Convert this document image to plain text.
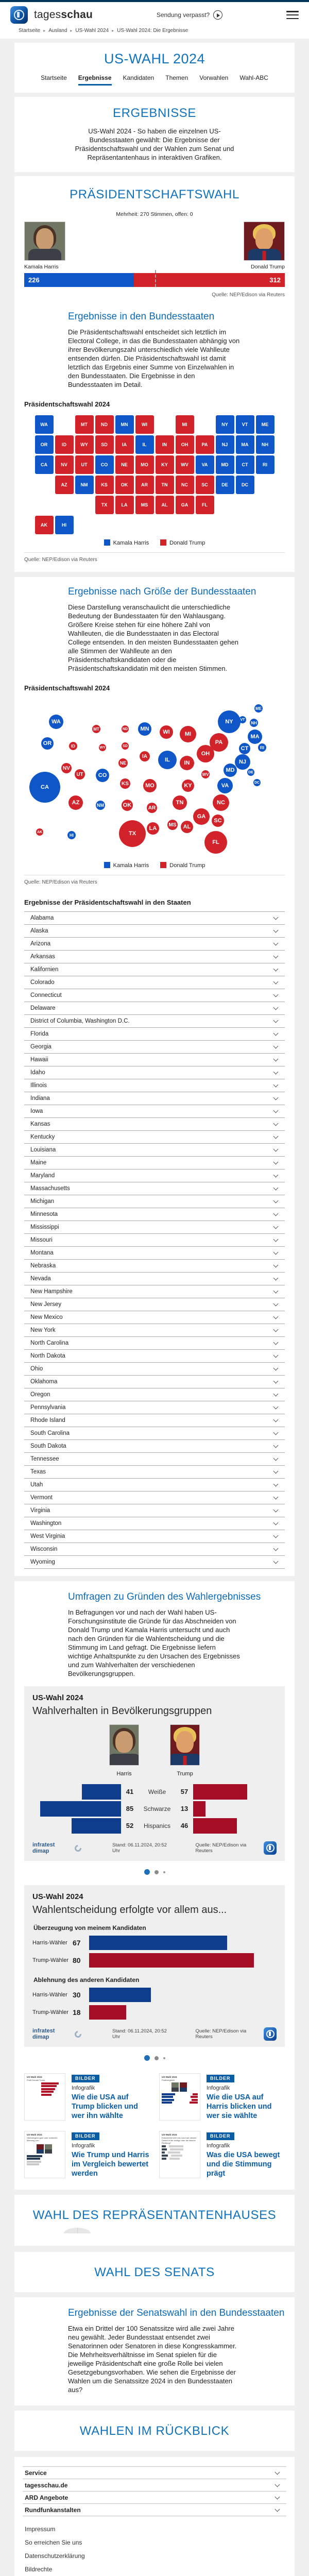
tagesschau	Sendung verpasst?
Startseite ▸ Ausland ▸ US-Wahl 2024 ▸ US-Wahl 2024: Die Ergebnisse
US-WAHL 2024
Startseite Ergebnisse Kandidaten Themen Vorwahlen Wahl-ABC
ERGEBNISSE

US-Wahl 2024 - So haben die einzelnen US-Bundesstaaten gewählt: Die Ergebnisse der Präsidentschaftswahl und der Wahlen zum Senat und Repräsentantenhaus in interaktiven Grafiken.

PRÄSIDENTSCHAFTSWAHL
Mehrheit: 270 Stimmen, offen: 0
Kamala Harris	Donald Trump
226	312
Quelle: NEP/Edison via Reuters
Ergebnisse in den Bundesstaaten
Die Präsidentschaftswahl entscheidet sich letztlich im Electoral College, in das die Bundesstaaten abhängig von ihrer Bevölkerungszahl unterschiedlich viele Wahlleute entsenden dürfen. Die Präsidentschaftswahl ist damit letztlich das Ergebnis einer Summe von Einzelwahlen in den Bundesstaaten. Die Ergebnisse in den Bundesstaaten im Detail.
Präsidentschaftswahl 2024
WA
OR
CA	NV
ID
UT
AZ
MT
WY
CO
NM
ND
SD
NE
KS	OK
TX
MN
IA
MO
AR
LA
WI
IL
MS
MI
IN
KY
TN
AL
OH
WV
GA	FL
SC
NC
VA
PA
NY
NJ
MD
DE	DC
CT	RI
MA
VT
NH
ME
AK	HI
Kamala Harris	Donald Trump
Quelle: NEP/Edison via Reuters
Ergebnisse nach Größe der Bundesstaaten
Diese Darstellung veranschaulicht die unterschiedliche Bedeutung der Bundesstaaten für den Wahlausgang. Größere Kreise stehen für eine höhere Zahl von Wahlleuten, die die Bundesstaaten in das Electoral College entsenden. In den meisten Bundesstaaten gehen alle Stimmen der Wahlleute an den Präsidentschaftskandidaten oder die Präsidentschaftskandidatin mit den meisten Stimmen.
Präsidentschaftswahl 2024
WA
OR
CA
NV
ID
UT
AZ
MT
WY
CO
NM
ND
SD
NE
KS
OK
TX
MN
IA
MO
AR
LA
WI
IL
MS
MI
IN
KY
TN
AL
OH
WV
GA
FL
SC
NC
VA
PA
NY
NJ
MD	DE
DC
CT	RI
MA
VT
NH
ME
AK
HI
Kamala Harris	Donald Trump
Quelle: NEP/Edison via Reuters
Ergebnisse der Präsidentschaftswahl in den Staaten
Alabama
Alaska
Arizona
Arkansas
Kalifornien
Colorado
Connecticut
Delaware
District of Columbia, Washington D.C.
Florida
Georgia
Hawaii
Idaho
Illinois
Indiana
Iowa
Kansas
Kentucky
Louisiana
Maine
Maryland
Massachusetts
Michigan
Minnesota
Mississippi
Missouri
Montana
Nebraska
Nevada
New Hampshire
New Jersey
New Mexico
New York
North Carolina
North Dakota
Ohio
Oklahoma
Oregon
Pennsylvania
Rhode Island
South Carolina
South Dakota
Tennessee
Texas
Utah
Vermont
Virginia
Washington
West Virginia
Wisconsin
Wyoming
Umfragen zu Gründen des Wahlergebnisses
In Befragungen vor und nach der Wahl haben US-Forschungsinstitute die Gründe für das Abschneiden von Donald Trump und Kamala Harris untersucht und auch nach den Gründen für die Wahlentscheidung und die Stimmung im Land gefragt. Die Ergebnisse liefern wichtige Anhaltspunkte zu den Ursachen des Ergebnisses und zum Wahlverhalten der verschiedenen Bevölkerungsgruppen.
US-Wahl 2024
Wahlverhalten in Bevölkerungsgruppen
Harris	Trump
41	Weiße	57
85	Schwarze	13
52	Hispanics	46
infratest dimap
Stand: 06.11.2024, 20:52 Uhr
Quelle: NEP/Edison via Reuters
US-Wahl 2024
Wahlentscheidung erfolgte vor allem aus...
Überzeugung von meinem Kandidaten
Harris-Wähler 67
Trump-Wähler 80
Ablehnung des anderen Kandidaten
Harris-Wähler 30
Trump-Wähler 18
infratest dimap
Stand: 06.11.2024, 20:52 Uhr
Quelle: NEP/Edison via Reuters
US-Wahl 2024
Profil Donald Trump	BILDER
Infografik
Wie die USA auf Trump blicken und wer ihn wählte
US-Wahl 2024
Profilvergleich	BILDER
Infografik
Wie die USA auf Harris blicken und wer sie wählte
US-Wahl 2024
Überwiegend gute oder schlechte Meinung von...
BILDER
Infografik
Wie Trump und Harris im Vergleich bewertet werden
US-Wahl 2024
Entscheidet sich das Land auf diesem Gebiet in die richtige oder die falsche Richtung?
BILDER
Infografik
Was die USA bewegt und die Stimmung prägt
WAHL DES REPRÄSENTANTENHAUSES
WAHL DES SENATS
Ergebnisse der Senatswahl in den Bundesstaaten
Etwa ein Drittel der 100 Senatssitze wird alle zwei Jahre neu gewählt. Jeder Bundesstaat entsendet zwei Senatorinnen oder Senatoren in diese Kongresskammer. Die Mehrheitsverhältnisse im Senat spielen für die jeweilige Präsidentschaft eine große Rolle bei vielen Gesetzgebungsvorhaben. Wie sehen die Ergebnisse der Wahlen um die Senatssitze 2024 in den Bundesstaaten aus?
WAHLEN IM RÜCKBLICK
Service
tagesschau.de
ARD Angebote
Rundfunkanstalten
Impressum
So erreichen Sie uns
Datenschutzerklärung
Bildrechte
